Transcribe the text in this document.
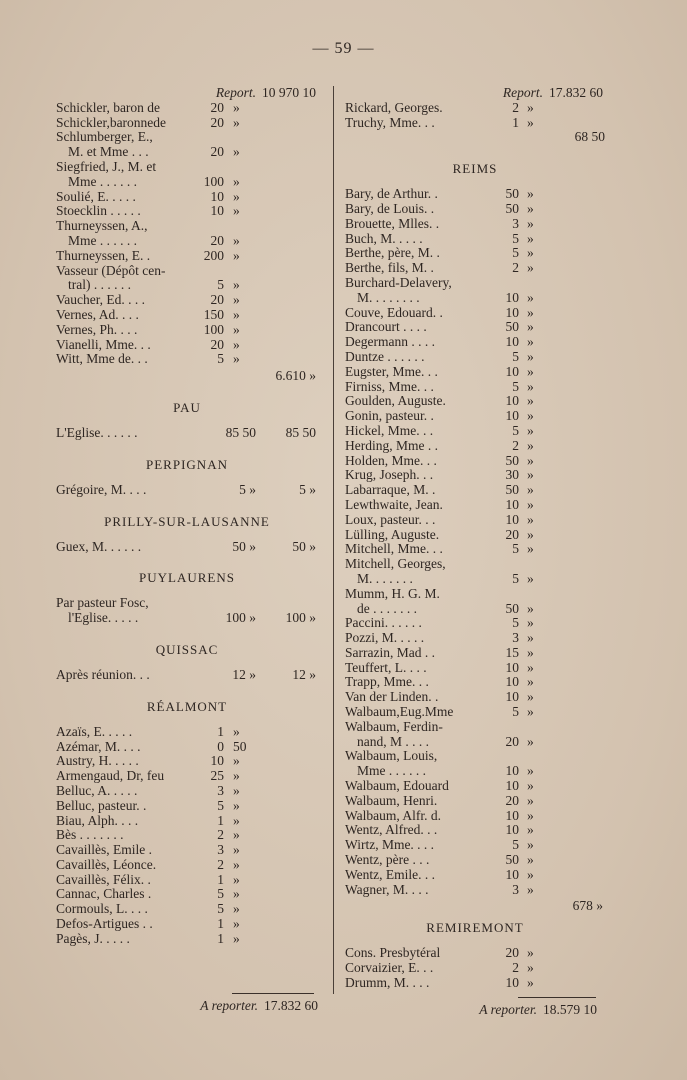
— 59 —
Report. 10 970 10
Schickler, baron de	20 »
Schickler,baronnede	20 »
Schlumberger, E.,
M. et Mme . . .	20 »
Siegfried, J., M. et
Mme . . . . . .	100 »
Soulié, E. . . . .	10 »
Stoecklin . . . . .	10 »
Thurneyssen, A.,
Mme . . . . . .	20 »
Thurneyssen, E. .	200 »
Vasseur (Dépôt cen-
tral) . . . . . .	5 »
Vaucher, Ed. . . .	20 »
Vernes, Ad. . . .	150 »
Vernes, Ph. . . .	100 »
Vianelli, Mme. . .	20 »
Witt, Mme de. . .	5 »
6.610 »
PAU
L'Eglise. . . . . .	85 50	85 50
PERPIGNAN
Grégoire, M. . . .	5 »	5 »
PRILLY-SUR-LAUSANNE
Guex, M. . . . . .	50 »	50 »
PUYLAURENS
Par pasteur Fosc,
l'Eglise. . . . .	100 »	100 »
QUISSAC
Après réunion. . .	12 »	12 »
RÉALMONT
Azaïs, E. . . . .	1 »
Azémar, M. . . .	0 50
Austry, H. . . . .	10 »
Armengaud, Dr, feu	25 »
Belluc, A. . . . .	3 »
Belluc, pasteur. .	5 »
Biau, Alph. . . .	1 »
Bès . . . . . . .	2 »
Cavaillès, Emile .	3 »
Cavaillès, Léonce.	2 »
Cavaillès, Félix. .	1 »
Cannac, Charles .	5 »
Cormouls, L. . . .	5 »
Defos-Artigues . .	1 »
Pagès, J. . . . .	1 »
A reporter. 17.832 60
Report. 17.832 60
Rickard, Georges.	2 »
Truchy, Mme. . .	1 »
68 50
REIMS
Bary, de Arthur. .	50 »
Bary, de Louis. .	50 »
Brouette, Mlles. .	3 »
Buch, M. . . . .	5 »
Berthe, père, M. .	5 »
Berthe, fils, M. .	2 »
Burchard-Delavery,
M. . . . . . . .	10 »
Couve, Edouard. .	10 »
Drancourt . . . .	50 »
Degermann . . . .	10 »
Duntze . . . . . .	5 »
Eugster, Mme. . .	10 »
Firniss, Mme. . .	5 »
Goulden, Auguste.	10 »
Gonin, pasteur. .	10 »
Hickel, Mme. . .	5 »
Herding, Mme . .	2 »
Holden, Mme. . .	50 »
Krug, Joseph. . .	30 »
Labarraque, M. .	50 »
Lewthwaite, Jean.	10 »
Loux, pasteur. . .	10 »
Lülling, Auguste.	20 »
Mitchell, Mme. . .	5 »
Mitchell, Georges,
M. . . . . . .	5 »
Mumm, H. G. M.
de . . . . . . .	50 »
Paccini. . . . . .	5 »
Pozzi, M. . . . .	3 »
Sarrazin, Mad . .	15 »
Teuffert, L. . . .	10 »
Trapp, Mme. . .	10 »
Van der Linden. .	10 »
Walbaum,Eug.Mme	5 »
Walbaum, Ferdin-
nand, M . . . .	20 »
Walbaum, Louis,
Mme . . . . . .	10 »
Walbaum, Edouard	10 »
Walbaum, Henri.	20 »
Walbaum, Alfr. d.	10 »
Wentz, Alfred. . .	10 »
Wirtz, Mme. . . .	5 »
Wentz, père . . .	50 »
Wentz, Emile. . .	10 »
Wagner, M. . . .	3 »
678 »
REMIREMONT
Cons. Presbytéral	20 »
Corvaizier, E. . .	2 »
Drumm, M. . . .	10 »
A reporter. 18.579 10
